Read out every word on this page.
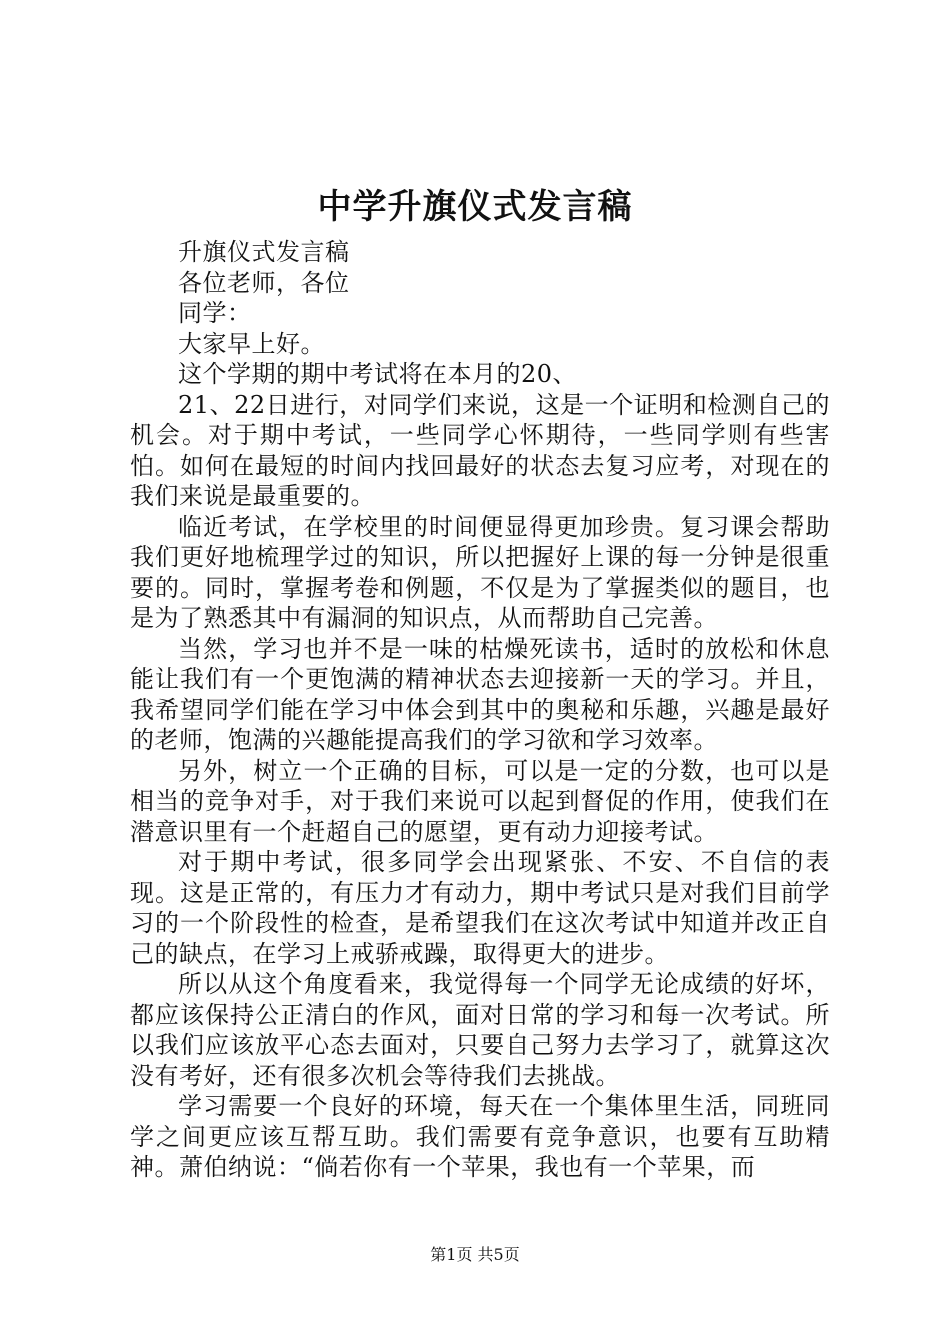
中学升旗仪式发言稿

升旗仪式发言稿

各位老师，各位

同学：

大家早上好。

这个学期的期中考试将在本月的20、

21、22日进行，对同学们来说，这是一个证明和检测自己的机会。对于期中考试，一些同学心怀期待，一些同学则有些害怕。如何在最短的时间内找回最好的状态去复习应考，对现在的我们来说是最重要的。

临近考试，在学校里的时间便显得更加珍贵。复习课会帮助我们更好地梳理学过的知识，所以把握好上课的每一分钟是很重要的。同时，掌握考卷和例题，不仅是为了掌握类似的题目，也是为了熟悉其中有漏洞的知识点，从而帮助自己完善。

当然，学习也并不是一味的枯燥死读书，适时的放松和休息能让我们有一个更饱满的精神状态去迎接新一天的学习。并且，我希望同学们能在学习中体会到其中的奥秘和乐趣，兴趣是最好的老师，饱满的兴趣能提高我们的学习欲和学习效率。

另外，树立一个正确的目标，可以是一定的分数，也可以是相当的竞争对手，对于我们来说可以起到督促的作用，使我们在潜意识里有一个赶超自己的愿望，更有动力迎接考试。

对于期中考试，很多同学会出现紧张、不安、不自信的表现。这是正常的，有压力才有动力，期中考试只是对我们目前学习的一个阶段性的检查，是希望我们在这次考试中知道并改正自己的缺点，在学习上戒骄戒躁，取得更大的进步。

所以从这个角度看来，我觉得每一个同学无论成绩的好坏，都应该保持公正清白的作风，面对日常的学习和每一次考试。所以我们应该放平心态去面对，只要自己努力去学习了，就算这次没有考好，还有很多次机会等待我们去挑战。

学习需要一个良好的环境，每天在一个集体里生活，同班同学之间更应该互帮互助。我们需要有竞争意识，也要有互助精神。萧伯纳说：“倘若你有一个苹果，我也有一个苹果，而

第1页 共5页
